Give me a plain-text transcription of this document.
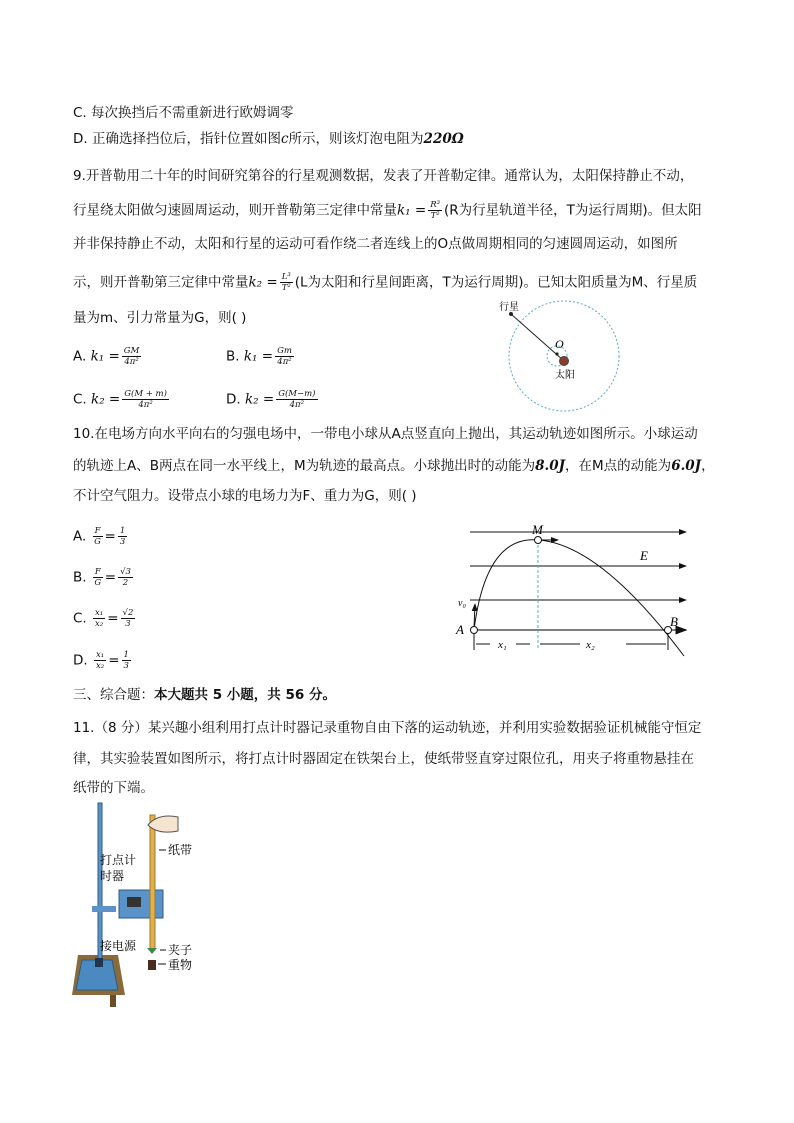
C. 每次换挡后不需重新进行欧姆调零
D. 正确选择挡位后，指针位置如图c所示，则该灯泡电阻为220Ω
9.开普勒用二十年的时间研究第谷的行星观测数据，发表了开普勒定律。通常认为，太阳保持静止不动，
行星绕太阳做匀速圆周运动，则开普勒第三定律中常量$k_1 = \frac{\text{R³}}{\text{T²}} (R$为行星轨道半径，T为运行周期)。但太阳
并非保持静止不动，太阳和行星的运动可看作绕二者连线上的O点做周期相同的匀速圆周运动，如图所
示，则开普勒第三定律中常量$k_2 = \frac{\text{L³}}{\text{T²}} (L$为太阳和行星间距离，T为运行周期)。已知太阳质量为M、行星质
量为m、引力常量为G，则( )
A. $k_1 = \frac{GM}{\text{4π²}}$	B. $k_1 = \frac{Gm}{\text{4π²}}$
C. $k_2 = \frac{G(M + m)}{\text{4π²}}$	D. $k_2 = \frac{G(M-m)}{\text{4π²}}$
行星
O
太阳
10.在电场方向水平向右的匀强电场中，一带电小球从A点竖直向上抛出，其运动轨迹如图所示。小球运动
的轨迹上A、B两点在同一水平线上，M为轨迹的最高点。小球抛出时的动能为8.0J，在M点的动能为6.0J，
不计空气阻力。设带点小球的电场力为F、重力为G，则( )
A. $\frac{F}{G} = \frac{1}{3}$
B. $\frac{F}{G} = \frac{√3}{2}$
C. $\frac{\text{x₁}}{\text{x₂}} = \frac{√2}{3}$
D. $\frac{\text{x₁}}{\text{x₂}} = \frac{1}{3}$
M
E
v₀
A
B
x₁	x₂
三、综合题：本大题共 5 小题，共 56 分。
11.（8 分）某兴趣小组利用打点计时器记录重物自由下落的运动轨迹，并利用实验数据验证机械能守恒定
律，其实验装置如图所示，将打点计时器固定在铁架台上，使纸带竖直穿过限位孔，用夹子将重物悬挂在
纸带的下端。
纸带
打点计
时器
夹子
重物
接电源
